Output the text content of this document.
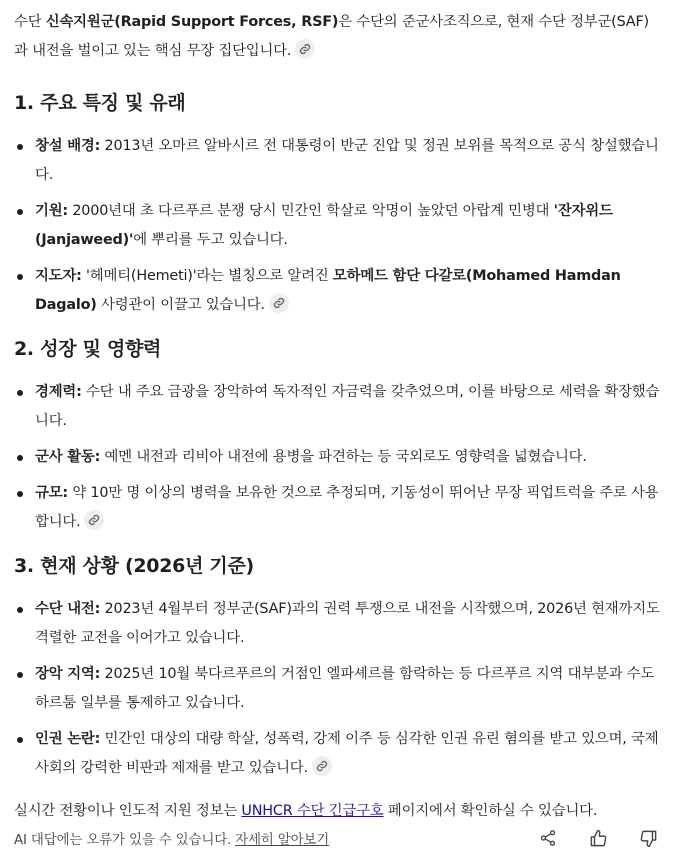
수단 신속지원군(Rapid Support Forces, RSF)은 수단의 준군사조직으로, 현재 수단 정부군(SAF)과 내전을 벌이고 있는 핵심 무장 집단입니다.

1. 주요 특징 및 유래
창설 배경: 2013년 오마르 알바시르 전 대통령이 반군 진압 및 정권 보위를 목적으로 공식 창설했습니다.
기원: 2000년대 초 다르푸르 분쟁 당시 민간인 학살로 악명이 높았던 아랍계 민병대 '잔자위드(Janjaweed)'에 뿌리를 두고 있습니다.
지도자: '헤메티(Hemeti)'라는 별칭으로 알려진 모하메드 함단 다갈로(Mohamed Hamdan Dagalo) 사령관이 이끌고 있습니다.
2. 성장 및 영향력
경제력: 수단 내 주요 금광을 장악하여 독자적인 자금력을 갖추었으며, 이를 바탕으로 세력을 확장했습니다.
군사 활동: 예멘 내전과 리비아 내전에 용병을 파견하는 등 국외로도 영향력을 넓혔습니다.
규모: 약 10만 명 이상의 병력을 보유한 것으로 추정되며, 기동성이 뛰어난 무장 픽업트럭을 주로 사용합니다.
3. 현재 상황 (2026년 기준)
수단 내전: 2023년 4월부터 정부군(SAF)과의 권력 투쟁으로 내전을 시작했으며, 2026년 현재까지도 격렬한 교전을 이어가고 있습니다.
장악 지역: 2025년 10월 북다르푸르의 거점인 엘파셰르를 함락하는 등 다르푸르 지역 대부분과 수도 하르툼 일부를 통제하고 있습니다.
인권 논란: 민간인 대상의 대량 학살, 성폭력, 강제 이주 등 심각한 인권 유린 혐의를 받고 있으며, 국제사회의 강력한 비판과 제재를 받고 있습니다.

실시간 전황이나 인도적 지원 정보는 UNHCR 수단 긴급구호 페이지에서 확인하실 수 있습니다.

AI 대답에는 오류가 있을 수 있습니다. 자세히 알아보기
